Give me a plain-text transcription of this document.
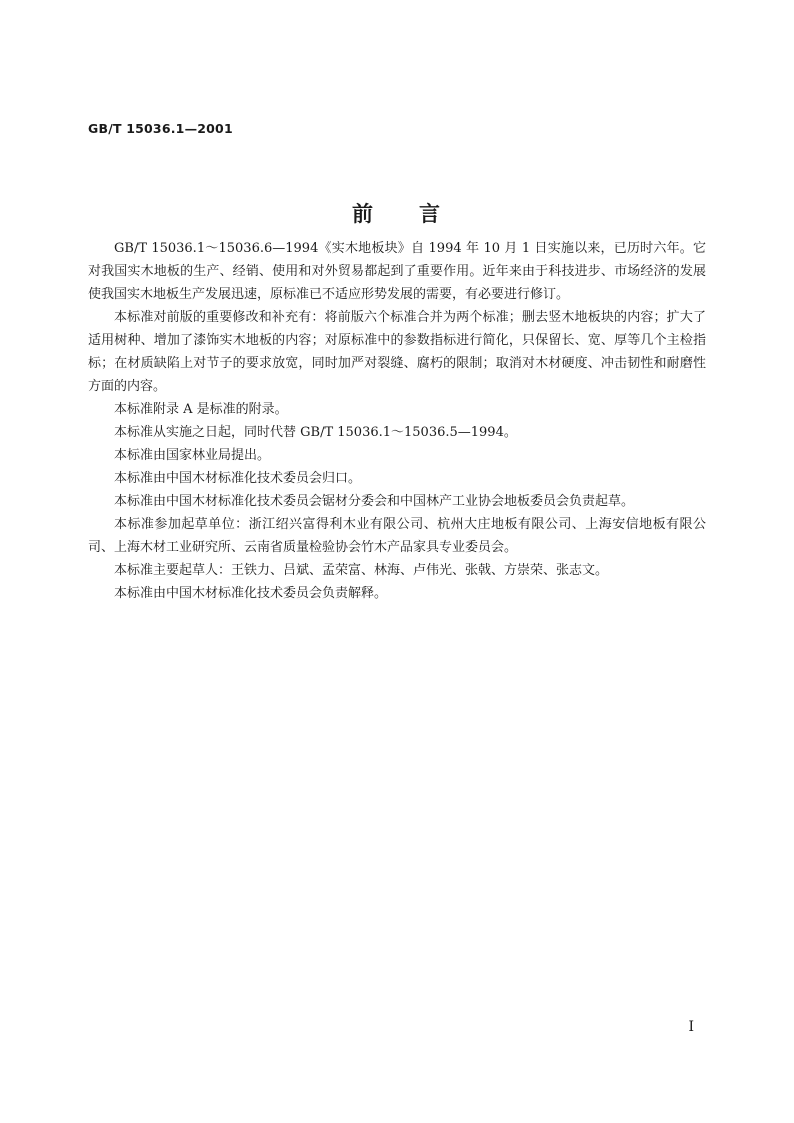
GB/T 15036.1—2001
前 言

GB/T 15036.1～15036.6—1994《实木地板块》自 1994 年 10 月 1 日实施以来，已历时六年。它对我国实木地板的生产、经销、使用和对外贸易都起到了重要作用。近年来由于科技进步、市场经济的发展使我国实木地板生产发展迅速，原标准已不适应形势发展的需要，有必要进行修订。

本标准对前版的重要修改和补充有：将前版六个标准合并为两个标准；删去竖木地板块的内容；扩大了适用树种、增加了漆饰实木地板的内容；对原标准中的参数指标进行简化，只保留长、宽、厚等几个主检指标；在材质缺陷上对节子的要求放宽，同时加严对裂缝、腐朽的限制；取消对木材硬度、冲击韧性和耐磨性方面的内容。

本标准附录 A 是标准的附录。

本标准从实施之日起，同时代替 GB/T 15036.1～15036.5—1994。

本标准由国家林业局提出。

本标准由中国木材标准化技术委员会归口。

本标准由中国木材标准化技术委员会锯材分委会和中国林产工业协会地板委员会负责起草。

本标准参加起草单位：浙江绍兴富得利木业有限公司、杭州大庄地板有限公司、上海安信地板有限公司、上海木材工业研究所、云南省质量检验协会竹木产品家具专业委员会。

本标准主要起草人：王铁力、吕斌、孟荣富、林海、卢伟光、张戟、方崇荣、张志文。

本标准由中国木材标准化技术委员会负责解释。

I
